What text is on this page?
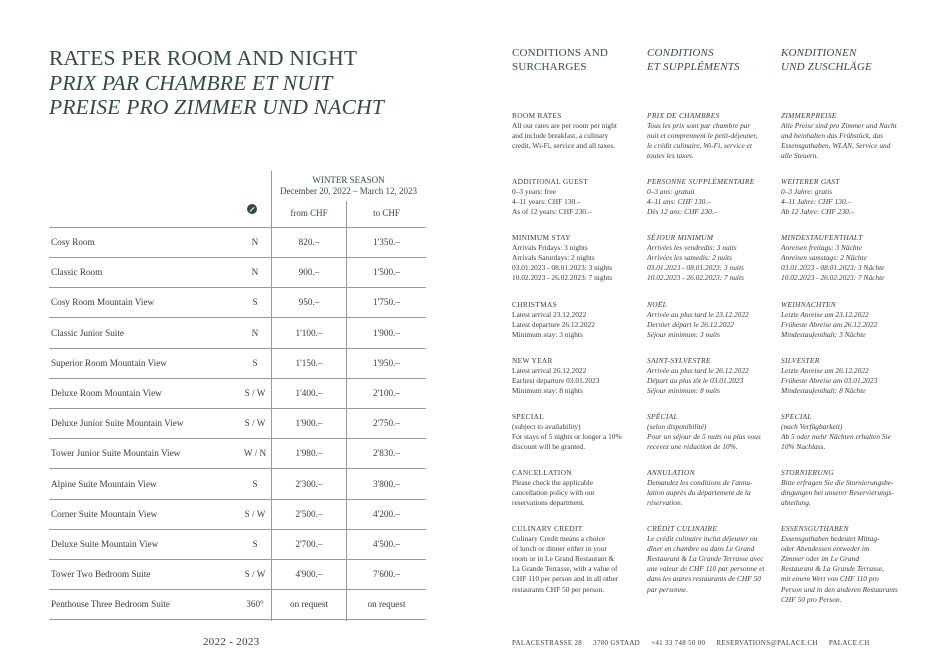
RATES PER ROOM AND NIGHT
PRIX PAR CHAMBRE ET NUIT
PREISE PRO ZIMMER UND NACHT
WINTER SEASON
December 20, 2022 – March 12, 2023
from CHF	to CHF
Cosy Room	N	820.–	1'350.–
Classic Room	N	900.–	1'500.–
Cosy Room Mountain View	S	950.–	1'750.–
Classic Junior Suite	N	1'100.–	1'900.–
Superior Room Mountain View	S	1'150.–	1'950.–
Deluxe Room Mountain View	S / W	1'400.–	2'100.–
Deluxe Junior Suite Mountain View	S / W	1'900.–	2'750.–
Tower Junior Suite Mountain View	W / N	1'980.–	2'830.–
Alpine Suite Mountain View	S	2'300.–	3'800.–
Corner Suite Mountain View	S / W	2'500.–	4'200.–
Deluxe Suite Mountain View	S	2'700.–	4'500.–
Tower Two Bedroom Suite	S / W	4'900.–	7'600.–
Penthouse Three Bedroom Suite	360°	on request	on request
2022 - 2023
CONDITIONS AND
SURCHARGES
CONDITIONS
ET SUPPLÉMENTS
KONDITIONEN
UND ZUSCHLÄGE
ROOM RATES
All our rates are per room per night
and include breakfast, a culinary
credit, Wi-Fi, service and all taxes.
ADDITIONAL GUEST
0–3 years: free
4–11 years: CHF 130.–
As of 12 years: CHF 230.–
MINIMUM STAY
Arrivals Fridays: 3 nights
Arrivals Saturdays: 2 nights
03.01.2023 - 08.01.2023: 3 nights
10.02.2023 - 26.02.2023: 7 nights
CHRISTMAS
Latest arrival 23.12.2022
Latest departure 26.12.2022
Minimum stay: 3 nights
NEW YEAR
Latest arrival 26.12.2022
Earliest departure 03.01.2023
Minimum stay: 8 nights
SPECIAL
(subject to availability)
For stays of 5 nights or longer a 10%
discount will be granted.
CANCELLATION
Please check the applicable
cancellation policy with our
reservations department.
CULINARY CREDIT
Culinary Credit means a choice
of lunch or dinner either in your
room or in Le Grand Restaurant &
La Grande Terrasse, with a value of
CHF 110 per person and in all other
restaurants CHF 50 per person.
PRIX DE CHAMBRES
Tous les prix sont par chambre par
nuit et comprennent le petit-déjeuner,
le crédit culinaire, Wi-Fi, service et
toutes les taxes.
PERSONNE SUPPLÉMENTAIRE
0–3 ans: gratuit
4–11 ans: CHF 130.–
Dès 12 ans: CHF 230.–
SÉJOUR MINIMUM
Arrivées les vendredis: 3 nuits
Arrivées les samedis: 2 nuits
03.01.2023 - 08.01.2023: 3 nuits
10.02.2023 - 26.02.2023: 7 nuits
NOËL
Arrivée au plus tard le 23.12.2022
Dernier départ le 26.12.2022
Séjour minimum: 3 nuits
SAINT-SYLVESTRE
Arrivée au plus tard le 26.12.2022
Départ au plus tôt le 03.01.2023
Séjour minimum: 8 nuits
SPÉCIAL
(selon disponibilité)
Pour un séjour de 5 nuits ou plus vous
recevez une réduction de 10%.
ANNULATION
Demandez les conditions de l'annu-
lation auprès du département de la
réservation.
CRÉDIT CULINAIRE
Le crédit culinaire inclut déjeuner ou
dîner en chambre ou dans Le Grand
Restaurant & La Grande Terrasse avec
une valeur de CHF 110 par personne et
dans les autres restaurants de CHF 50
par personne.
ZIMMERPREISE
Alle Preise sind pro Zimmer und Nacht
und beinhalten das Frühstück, das
Essensguthaben, WLAN, Service und
alle Steuern.
WEITERER GAST
0–3 Jahre: gratis
4–11 Jahre: CHF 130.–
Ab 12 Jahre: CHF 230.–
MINDESTAUFENTHALT
Anreisen freitags: 3 Nächte
Anreisen samstags: 2 Nächte
03.01.2023 - 08.01.2023: 3 Nächte
10.02.2023 - 26.02.2023: 7 Nächte
WEIHNACHTEN
Letzte Anreise am 23.12.2022
Früheste Abreise am 26.12.2022
Mindestaufenthalt: 3 Nächte
SILVESTER
Letzte Anreise am 26.12.2022
Früheste Abreise am 03.01.2023
Mindestaufenthalt: 8 Nächte
SPECIAL
(nach Verfügbarkeit)
Ab 5 oder mehr Nächten erhalten Sie
10% Nachlass.
STORNIERUNG
Bitte erfragen Sie die Stornierungsbe-
dingungen bei unserer Reservierungs-
abteilung.
ESSENSGUTHABEN
Essensguthaben bedeutet Mittag-
oder Abendessen entweder im
Zimmer oder im Le Grand
Restaurant & La Grande Terrasse,
mit einem Wert von CHF 110 pro
Person und in den anderen Restaurants
CHF 50 pro Person.
PALACESTRASSE 28 3780 GSTAAD +41 33 748 50 00 RESERVATIONS@PALACE.CH PALACE.CH
